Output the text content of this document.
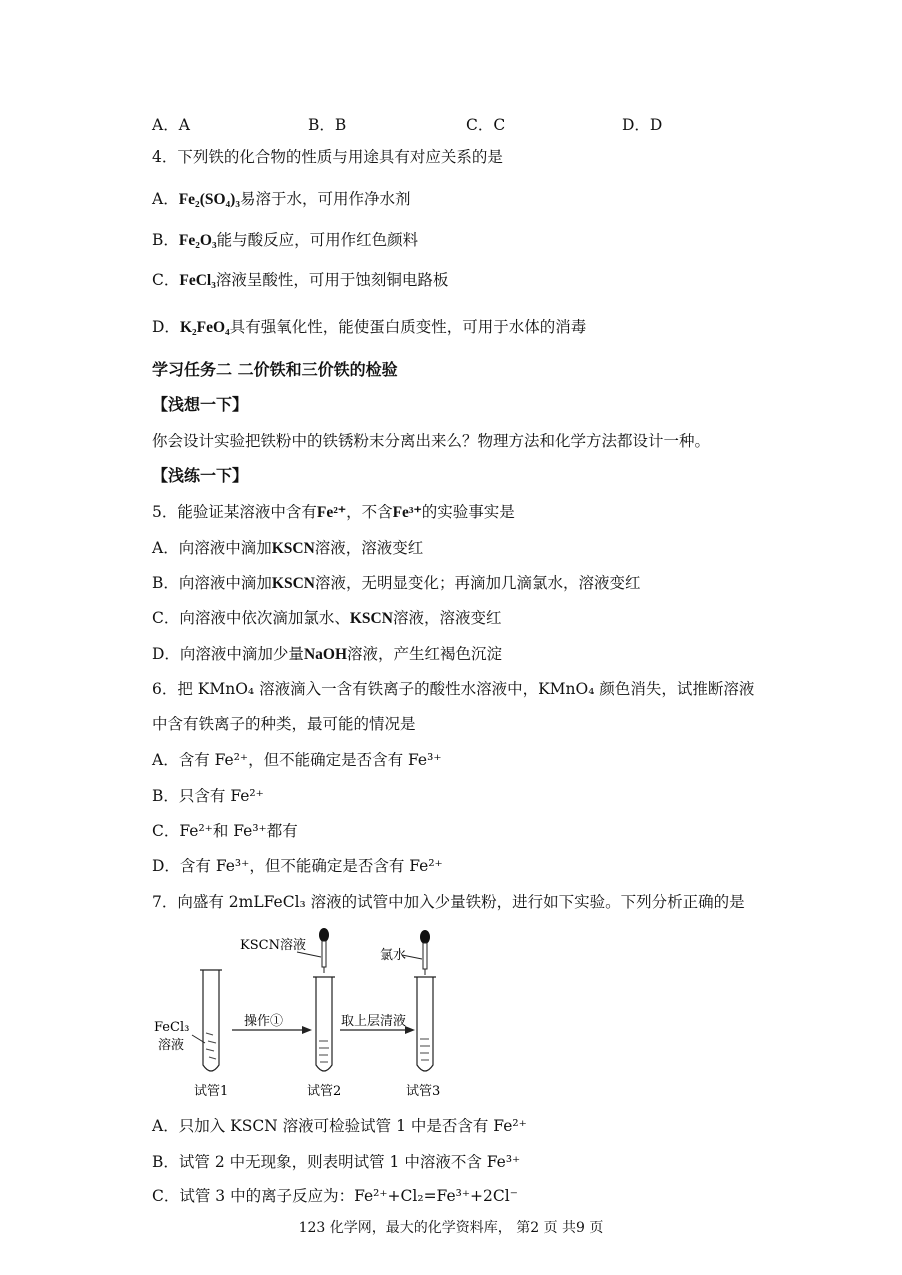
A．A	B．B	C．C	D．D
4．下列铁的化合物的性质与用途具有对应关系的是
A．Fe₂(SO₄)₃易溶于水，可用作净水剂
B．Fe₂O₃能与酸反应，可用作红色颜料
C．FeCl₃溶液呈酸性，可用于蚀刻铜电路板
D．K₂FeO₄具有强氧化性，能使蛋白质变性，可用于水体的消毒
学习任务二 二价铁和三价铁的检验
【浅想一下】
你会设计实验把铁粉中的铁锈粉末分离出来么？物理方法和化学方法都设计一种。
【浅练一下】
5．能验证某溶液中含有Fe²⁺，不含Fe³⁺的实验事实是
A．向溶液中滴加KSCN溶液，溶液变红
B．向溶液中滴加KSCN溶液，无明显变化；再滴加几滴氯水，溶液变红
C．向溶液中依次滴加氯水、KSCN溶液，溶液变红
D．向溶液中滴加少量NaOH溶液，产生红褐色沉淀
6．把 KMnO₄ 溶液滴入一含有铁离子的酸性水溶液中，KMnO₄ 颜色消失，试推断溶液
中含有铁离子的种类，最可能的情况是
A．含有 Fe²⁺，但不能确定是否含有 Fe³⁺
B．只含有 Fe²⁺
C．Fe²⁺和 Fe³⁺都有
D．含有 Fe³⁺，但不能确定是否含有 Fe²⁺
7．向盛有 2mLFeCl₃ 溶液的试管中加入少量铁粉，进行如下实验。下列分析正确的是
KSCN溶液
氯水
FeCl₃
溶液
操作①	取上层清液
试管1	试管2	试管3
A．只加入 KSCN 溶液可检验试管 1 中是否含有 Fe²⁺
B．试管 2 中无现象，则表明试管 1 中溶液不含 Fe³⁺
C．试管 3 中的离子反应为：Fe²⁺+Cl₂=Fe³⁺+2Cl⁻
123 化学网，最大的化学资料库， 第2 页 共9 页
